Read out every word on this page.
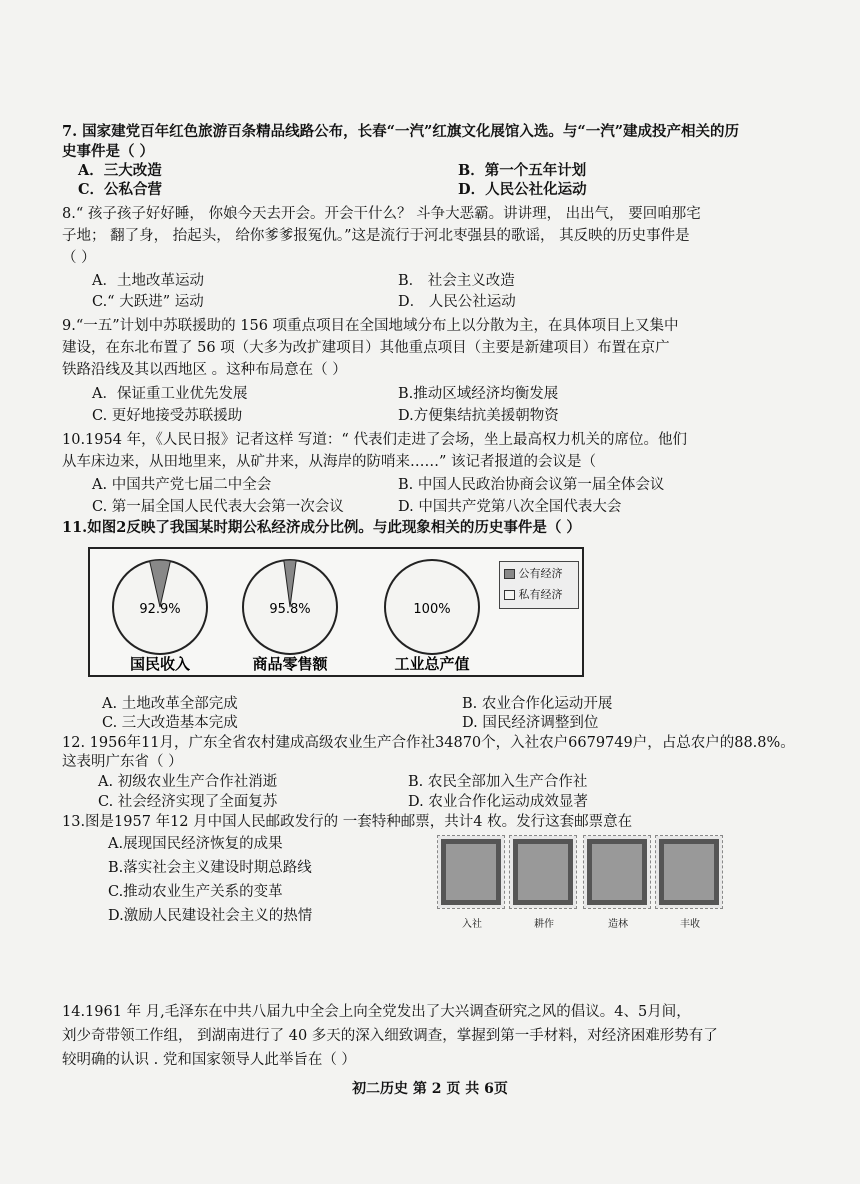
7. 国家建党百年红色旅游百条精品线路公布，长春“一汽”红旗文化展馆入选。与“一汽”建成投产相关的历
史事件是（ ）
A．三大改造	B．第一个五年计划
C．公私合营	D．人民公社化运动
8.“ 孩子孩子好好睡， 你娘今天去开会。开会干什么？ 斗争大恶霸。讲讲理， 出出气， 要回咱那宅
子地； 翻了身， 抬起头， 给你爹爹报冤仇。”这是流行于河北枣强县的歌谣， 其反映的历史事件是
（ ）
A．土地改革运动	B． 社会主义改造
C.“ 大跃进” 运动	D． 人民公社运动
9.“一五”计划中苏联援助的 156 项重点项目在全国地域分布上以分散为主，在具体项目上又集中
建设，在东北布置了 56 项（大多为改扩建项目）其他重点项目（主要是新建项目）布置在京广
铁路沿线及其以西地区 。这种布局意在（ ）
A．保证重工业优先发展	B.推动区域经济均衡发展
C. 更好地接受苏联援助	D.方便集结抗美援朝物资
10.1954 年，《人民日报》记者这样 写道：“ 代表们走进了会场，坐上最高权力机关的席位。他们
从车床边来，从田地里来，从矿井来，从海岸的防哨来……” 该记者报道的会议是（
A. 中国共产党七届二中全会	B. 中国人民政治协商会议第一届全体会议
C. 第一届全国人民代表大会第一次会议	D. 中国共产党第八次全国代表大会
11.如图2反映了我国某时期公私经济成分比例。与此现象相关的历史事件是（ ）
92.9%
国民收入
95.8%
商品零售额
100%
工业总产值
公有经济
私有经济
A. 土地改革全部完成	B. 农业合作化运动开展
C. 三大改造基本完成	D. 国民经济调整到位
12. 1956年11月，广东全省农村建成高级农业生产合作社34870个，入社农户6679749户，占总农户的88.8%。
这表明广东省（ ）
A. 初级农业生产合作社消逝	B. 农民全部加入生产合作社
C. 社会经济实现了全面复苏	D. 农业合作化运动成效显著
13.图是1957 年12 月中国人民邮政发行的 一套特种邮票，共计4 枚。发行这套邮票意在
A.展现国民经济恢复的成果
B.落实社会主义建设时期总路线
C.推动农业生产关系的变革
D.激励人民建设社会主义的热情
入社	耕作	造林	丰收
14.1961 年 月,毛泽东在中共八届九中全会上向全党发出了大兴调查研究之风的倡议。4、5月间，
刘少奇带领工作组， 到湖南进行了 40 多天的深入细致调查，掌握到第一手材料，对经济困难形势有了
较明确的认识 . 党和国家领导人此举旨在（ ）
初二历史 第 2 页 共 6页
